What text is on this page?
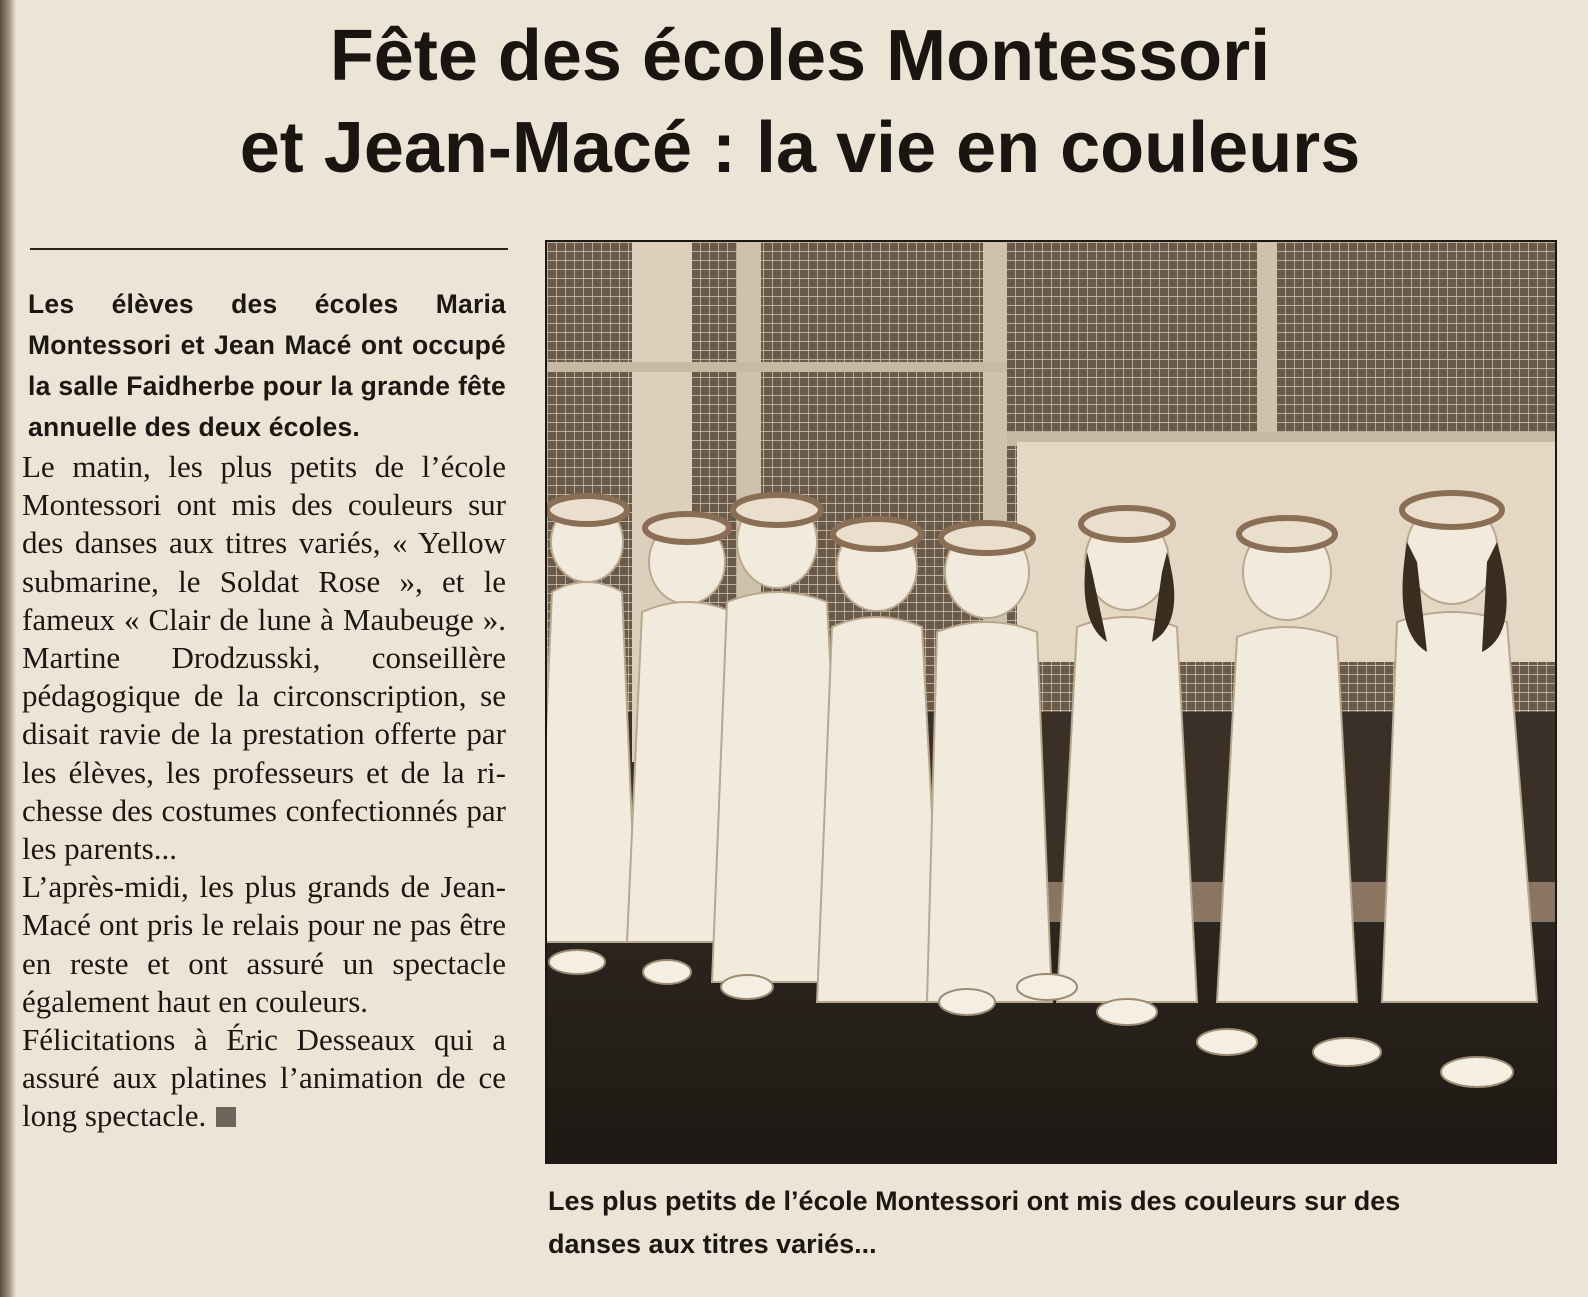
Fête des écoles Montessori
et Jean-Macé : la vie en couleurs

Les élèves des écoles Maria Montessori et Jean Macé ont occupé la salle Faidherbe pour la grande fête annuelle des deux écoles.

Le matin, les plus petits de l’école Montessori ont mis des couleurs sur des danses aux titres variés, « Yellow submarine, le Soldat Rose », et le fameux « Clair de lune à Maubeuge ». Martine Drodzusski, conseillère pédagogique de la circonscription, se disait ravie de la prestation offerte par les élèves, les professeurs et de la richesse des costumes confectionnés par les parents...

L’après-midi, les plus grands de Jean-Macé ont pris le relais pour ne pas être en reste et ont assuré un spectacle également haut en couleurs.

Félicitations à Éric Desseaux qui a assuré aux platines l’animation de ce long spectacle.

Les plus petits de l’école Montessori ont mis des couleurs sur des
danses aux titres variés...
